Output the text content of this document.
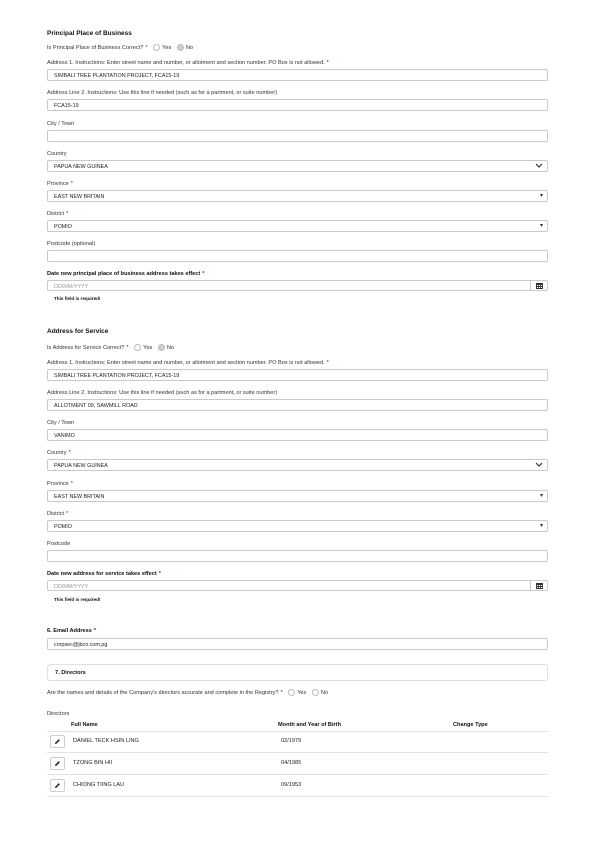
Principal Place of Business
Is Principal Place of Business Correct? *	Yes	No
Address 1. Instructions: Enter street name and number, or allotment and section number. PO Box is not allowed. *
SIMBALI TREE PLANTATION PROJECT, FCA15-19
Address Line 2. Instructions: Use this line if needed (such as for a partment, or suite number)
FCA15-19
City / Town
Country
PAPUA NEW GUINEA
Province *
EAST NEW BRITAIN	▾
District *
POMIO	▾
Postcode (optional)
Date new principal place of business address takes effect *
DD/MM/YYYY
This field is required!
Address for Service
Is Address for Service Correct? *	Yes	No
Address 1. Instructions: Enter street name and number, or allotment and section number. PO Box is not allowed. *
SIMBALI TREE PLANTATION PROJECT, FCA15-19
Address Line 2. Instructions: Use this line if needed (such as for a partment, or suite number)
ALLOTMENT 09, SAWMILL ROAD
City / Town
VANIMO
Country *
PAPUA NEW GUINEA
Province *
EAST NEW BRITAIN	▾
District *
POMIO	▾
Postcode
Date new address for service takes effect *
DD/MM/YYYY
This field is required!
6. Email Address *
corpsec@jbco.com.pg
7. Directors
Are the names and details of the Company's directors accurate and complete in the Registry? *	Yes	No
Directors
Full Name	Month and Year of Birth	Change Type
DANIEL TECK HSIN LING	02/1979
TZONG BIN HII	04/1985
CHIONG TIING LAU	09/1953
